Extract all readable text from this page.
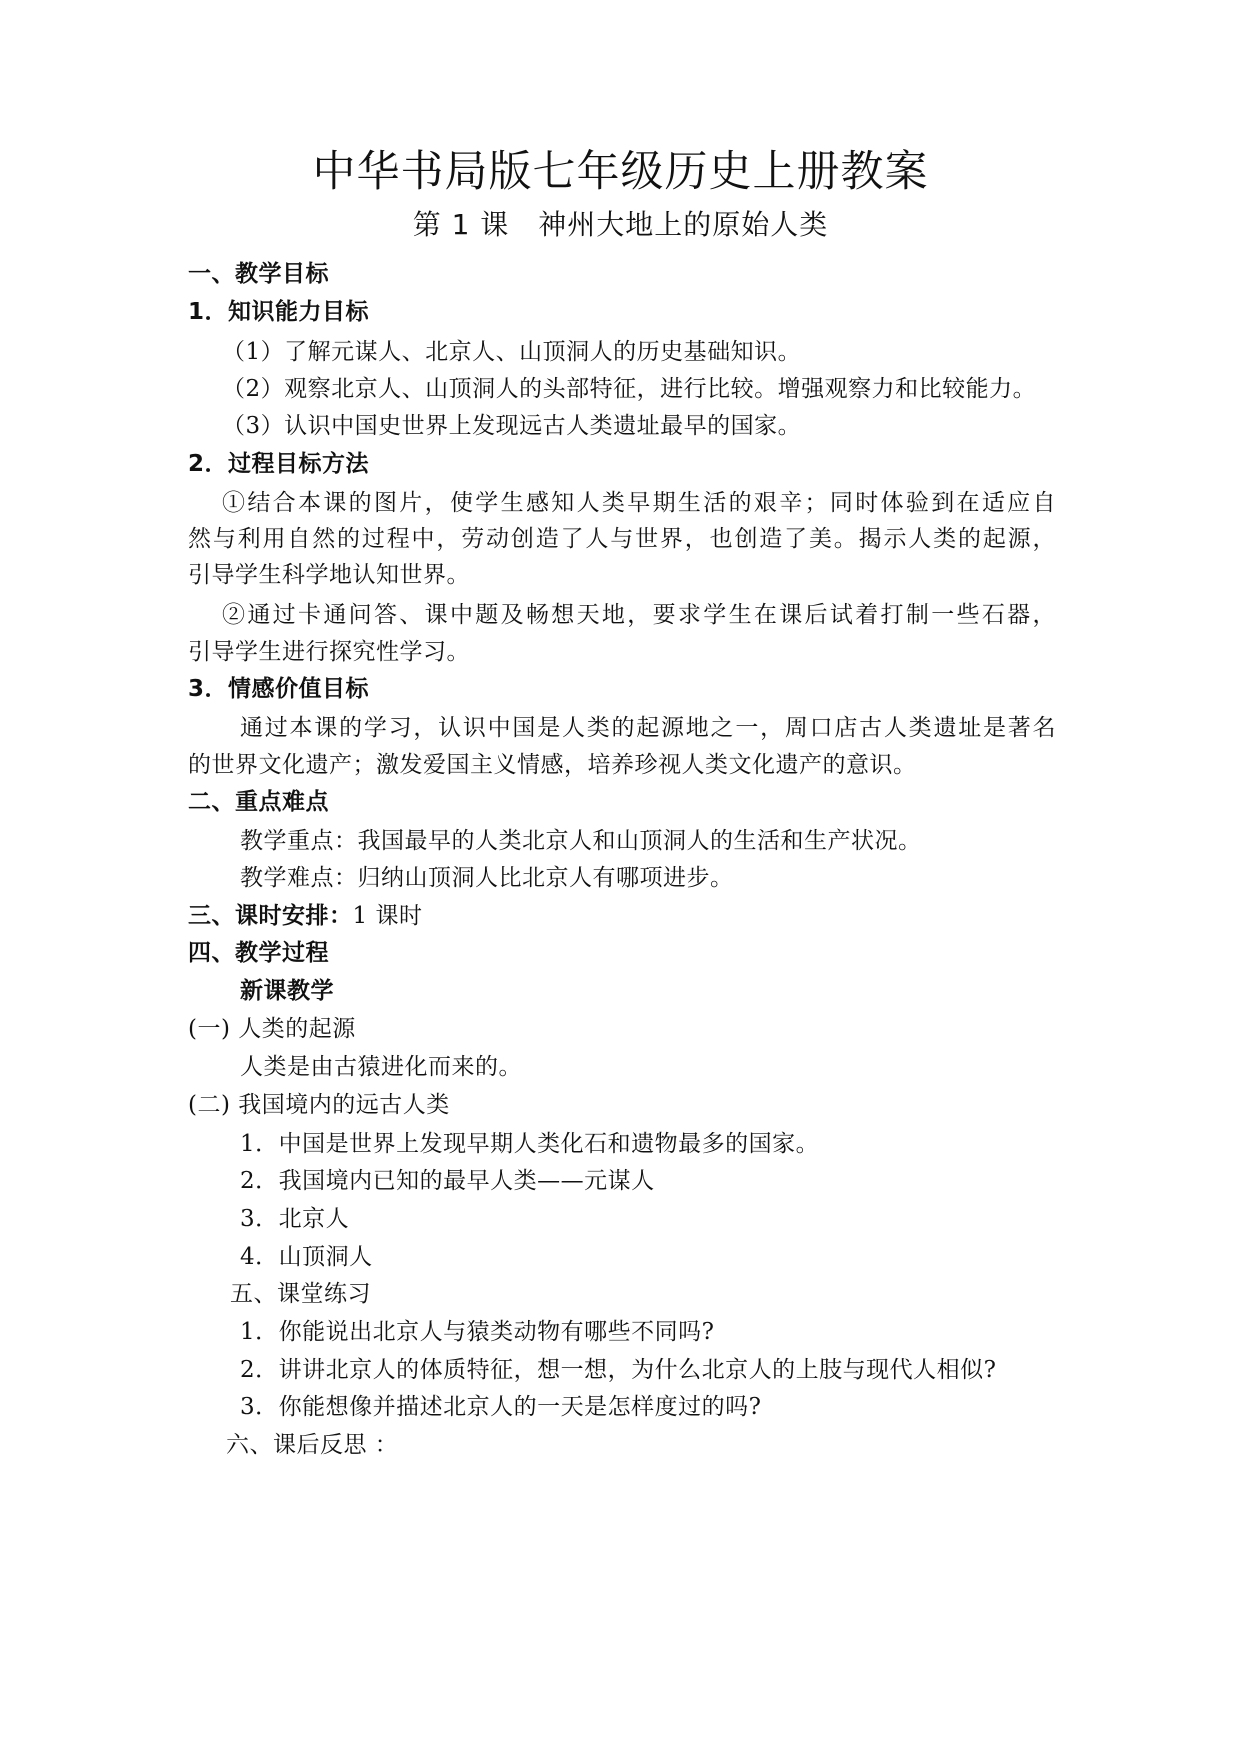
中华书局版七年级历史上册教案
第 1 课　神州大地上的原始人类
一、教学目标
1．知识能力目标
（1）了解元谋人、北京人、山顶洞人的历史基础知识。
（2）观察北京人、山顶洞人的头部特征，进行比较。增强观察力和比较能力。
（3）认识中国史世界上发现远古人类遗址最早的国家。
2．过程目标方法
①结合本课的图片，使学生感知人类早期生活的艰辛；同时体验到在适应自
然与利用自然的过程中，劳动创造了人与世界，也创造了美。揭示人类的起源，
引导学生科学地认知世界。
②通过卡通问答、课中题及畅想天地，要求学生在课后试着打制一些石器，
引导学生进行探究性学习。
3．情感价值目标
通过本课的学习，认识中国是人类的起源地之一，周口店古人类遗址是著名
的世界文化遗产；激发爱国主义情感，培养珍视人类文化遗产的意识。
二、重点难点
教学重点：我国最早的人类北京人和山顶洞人的生活和生产状况。
教学难点：归纳山顶洞人比北京人有哪项进步。
三、课时安排：1 课时
四、教学过程
新课教学
(一) 人类的起源
人类是由古猿进化而来的。
(二) 我国境内的远古人类
1．中国是世界上发现早期人类化石和遗物最多的国家。
2．我国境内已知的最早人类——元谋人
3．北京人
4．山顶洞人
五、课堂练习
1．你能说出北京人与猿类动物有哪些不同吗?
2．讲讲北京人的体质特征，想一想，为什么北京人的上肢与现代人相似?
3．你能想像并描述北京人的一天是怎样度过的吗?
六、课后反思 ：
